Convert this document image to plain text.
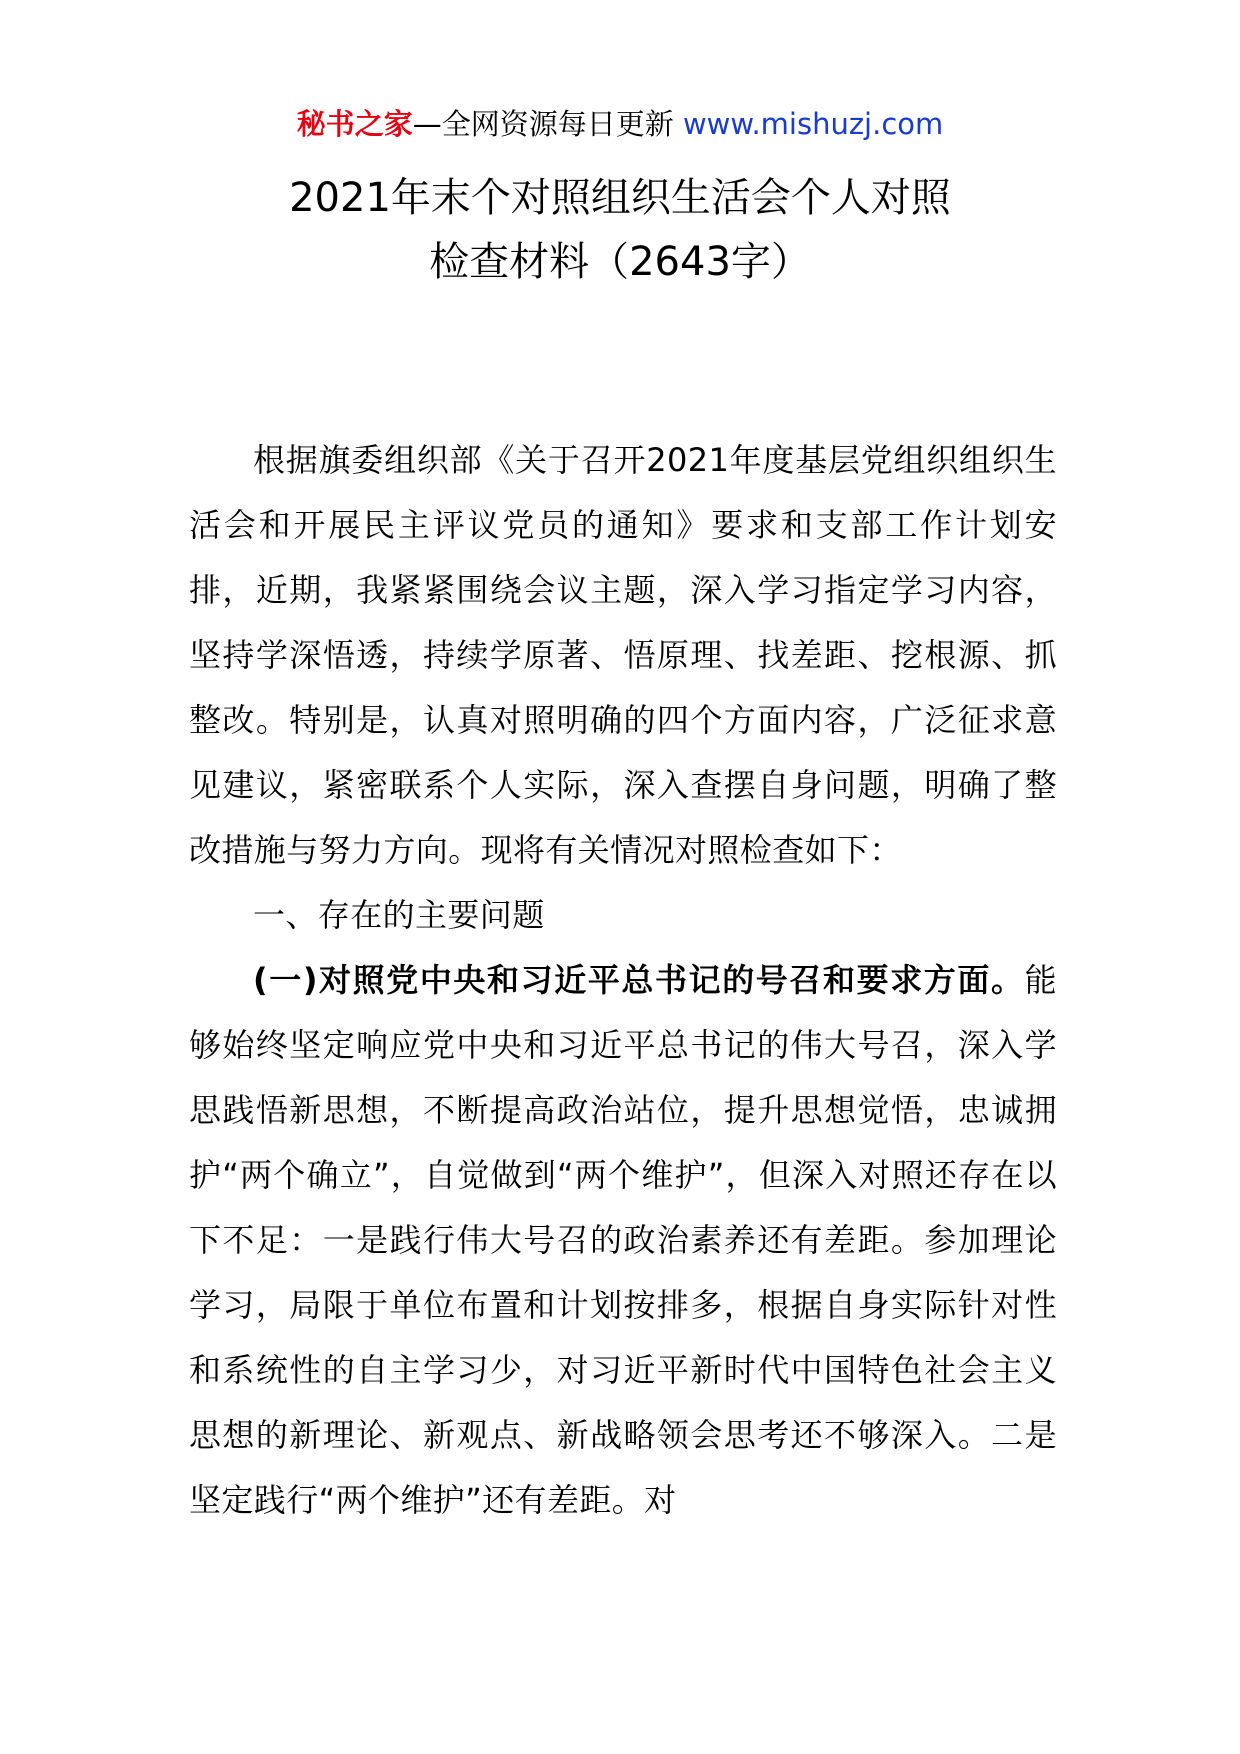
秘书之家—全网资源每日更新 www.mishuzj.com
2021年末个对照组织生活会个人对照
检查材料（2643字）

根据旗委组织部《关于召开2021年度基层党组织组织生活会和开展民主评议党员的通知》要求和支部工作计划安排，近期，我紧紧围绕会议主题，深入学习指定学习内容，坚持学深悟透，持续学原著、悟原理、找差距、挖根源、抓整改。特别是，认真对照明确的四个方面内容，广泛征求意见建议，紧密联系个人实际，深入查摆自身问题，明确了整改措施与努力方向。现将有关情况对照检查如下：

一、存在的主要问题

(一)对照党中央和习近平总书记的号召和要求方面。能够始终坚定响应党中央和习近平总书记的伟大号召，深入学思践悟新思想，不断提高政治站位，提升思想觉悟，忠诚拥护“两个确立”，自觉做到“两个维护”，但深入对照还存在以下不足：一是践行伟大号召的政治素养还有差距。参加理论学习，局限于单位布置和计划按排多，根据自身实际针对性和系统性的自主学习少，对习近平新时代中国特色社会主义思想的新理论、新观点、新战略领会思考还不够深入。二是坚定践行“两个维护”还有差距。对
